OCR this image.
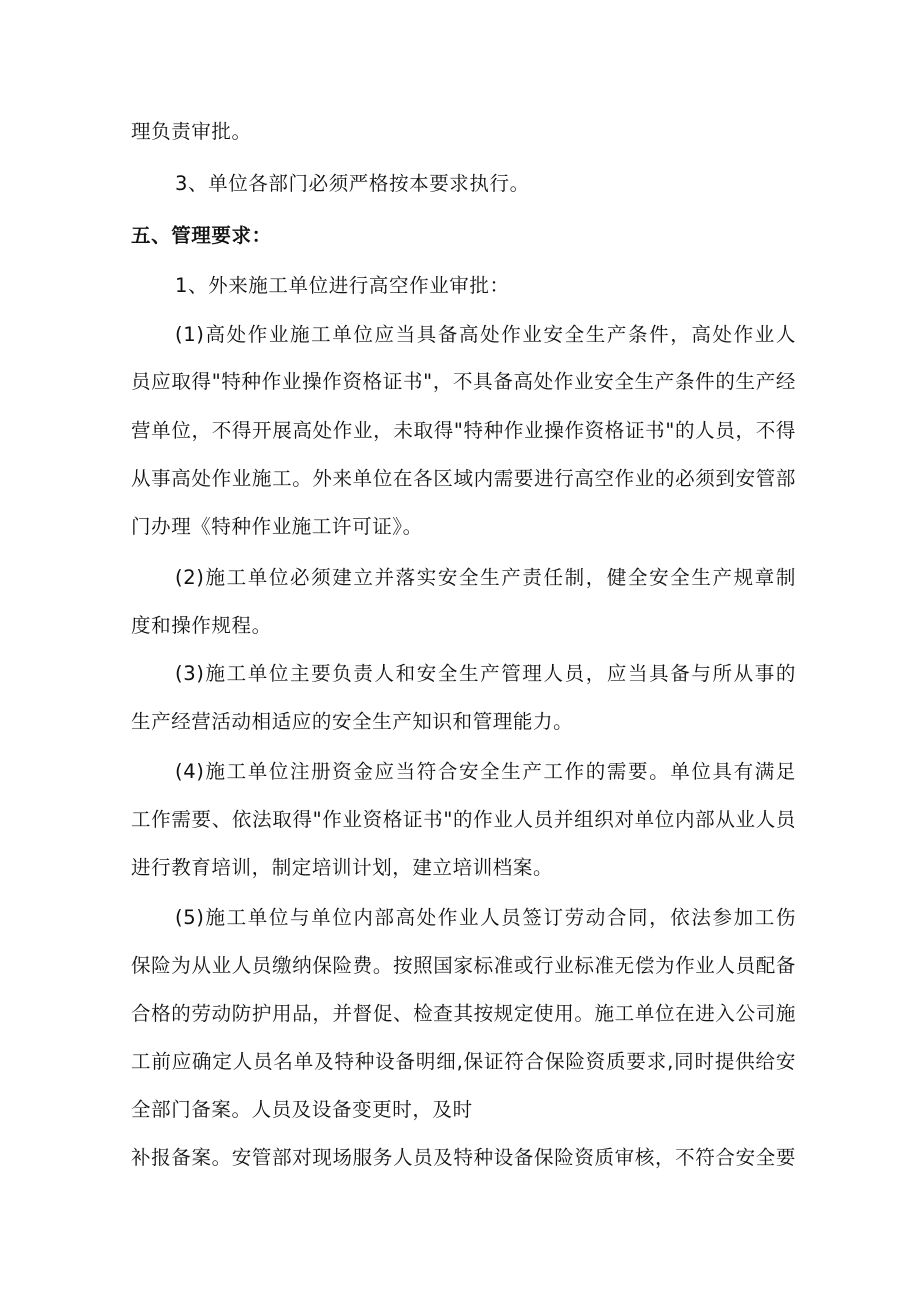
理负责审批。
3、单位各部门必须严格按本要求执行。
五、管理要求：
1、外来施工单位进行高空作业审批：
(1)高处作业施工单位应当具备高处作业安全生产条件，高处作业人
员应取得"特种作业操作资格证书"，不具备高处作业安全生产条件的生产经
营单位，不得开展高处作业，未取得"特种作业操作资格证书"的人员，不得
从事高处作业施工。外来单位在各区域内需要进行高空作业的必须到安管部
门办理《特种作业施工许可证》。
(2)施工单位必须建立并落实安全生产责任制，健全安全生产规章制
度和操作规程。
(3)施工单位主要负责人和安全生产管理人员，应当具备与所从事的
生产经营活动相适应的安全生产知识和管理能力。
(4)施工单位注册资金应当符合安全生产工作的需要。单位具有满足
工作需要、依法取得"作业资格证书"的作业人员并组织对单位内部从业人员
进行教育培训，制定培训计划，建立培训档案。
(5)施工单位与单位内部高处作业人员签订劳动合同，依法参加工伤
保险为从业人员缴纳保险费。按照国家标准或行业标准无偿为作业人员配备
合格的劳动防护用品，并督促、检查其按规定使用。施工单位在进入公司施
工前应确定人员名单及特种设备明细,保证符合保险资质要求,同时提供给安
全部门备案。人员及设备变更时，及时
补报备案。安管部对现场服务人员及特种设备保险资质审核，不符合安全要
